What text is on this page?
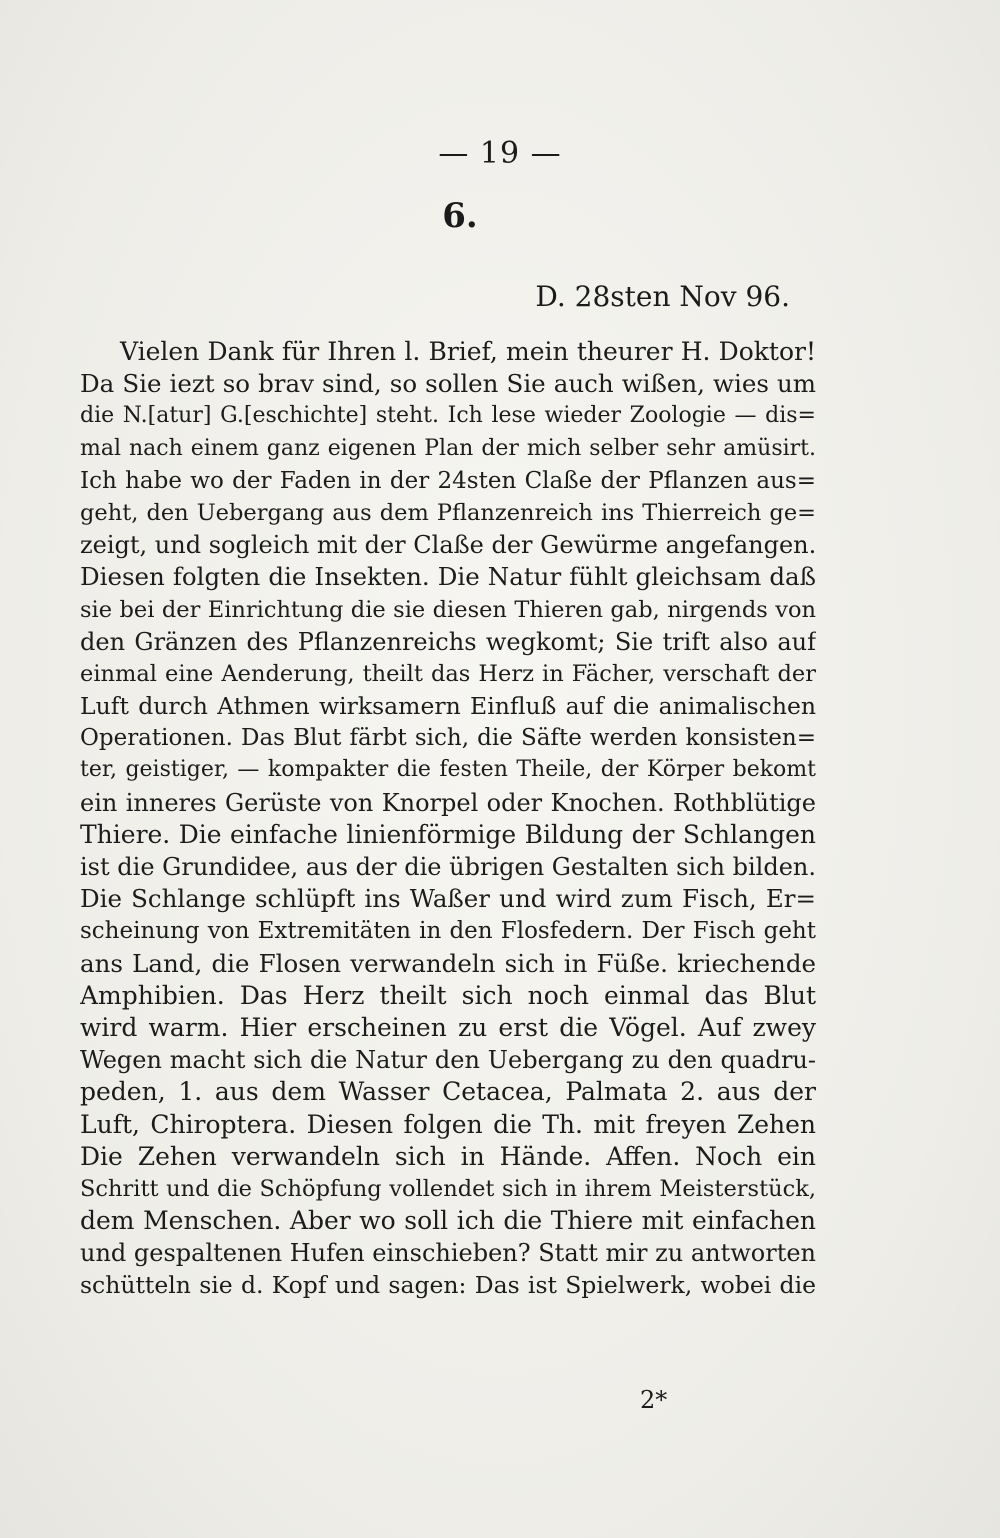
— 19 —
6.
D. 28sten Nov 96.
Vielen Dank für Ihren l. Brief, mein theurer H. Doktor!
Da Sie iezt so brav sind, so sollen Sie auch wißen, wies um
die N.[atur] G.[eschichte] steht. Ich lese wieder Zoologie — dis=
mal nach einem ganz eigenen Plan der mich selber sehr amüsirt.
Ich habe wo der Faden in der 24sten Claße der Pflanzen aus=
geht, den Uebergang aus dem Pflanzenreich ins Thierreich ge=
zeigt, und sogleich mit der Claße der Gewürme angefangen.
Diesen folgten die Insekten. Die Natur fühlt gleichsam daß
sie bei der Einrichtung die sie diesen Thieren gab, nirgends von
den Gränzen des Pflanzenreichs wegkomt; Sie trift also auf
einmal eine Aenderung, theilt das Herz in Fächer, verschaft der
Luft durch Athmen wirksamern Einfluß auf die animalischen
Operationen. Das Blut färbt sich, die Säfte werden konsisten=
ter, geistiger, — kompakter die festen Theile, der Körper bekomt
ein inneres Gerüste von Knorpel oder Knochen. Rothblütige
Thiere. Die einfache linienförmige Bildung der Schlangen
ist die Grundidee, aus der die übrigen Gestalten sich bilden.
Die Schlange schlüpft ins Waßer und wird zum Fisch, Er=
scheinung von Extremitäten in den Flosfedern. Der Fisch geht
ans Land, die Flosen verwandeln sich in Füße. kriechende
Amphibien. Das Herz theilt sich noch einmal das Blut
wird warm. Hier erscheinen zu erst die Vögel. Auf zwey
Wegen macht sich die Natur den Uebergang zu den quadru-
peden, 1. aus dem Wasser Cetacea, Palmata 2. aus der
Luft, Chiroptera. Diesen folgen die Th. mit freyen Zehen
Die Zehen verwandeln sich in Hände. Affen. Noch ein
Schritt und die Schöpfung vollendet sich in ihrem Meisterstück,
dem Menschen. Aber wo soll ich die Thiere mit einfachen
und gespaltenen Hufen einschieben? Statt mir zu antworten
schütteln sie d. Kopf und sagen: Das ist Spielwerk, wobei die
2*
